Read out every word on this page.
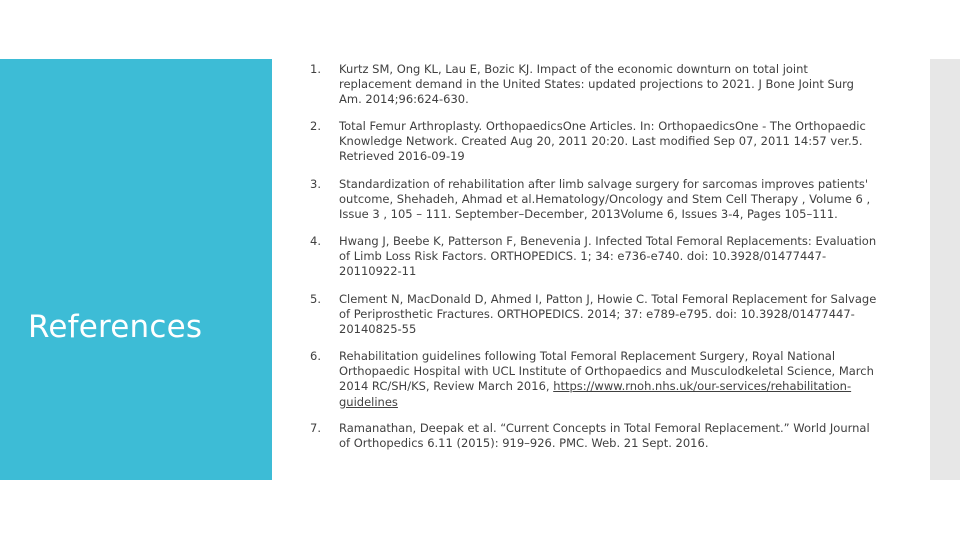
References
1.	Kurtz SM, Ong KL, Lau E, Bozic KJ. Impact of the economic downturn on total joint replacement demand in the United States: updated projections to 2021. J Bone Joint Surg Am. 2014;96:624-630.
2.	Total Femur Arthroplasty. OrthopaedicsOne Articles. In: OrthopaedicsOne - The Orthopaedic Knowledge Network. Created Aug 20, 2011 20:20. Last modified Sep 07, 2011 14:57 ver.5. Retrieved 2016-09-19
3.	Standardization of rehabilitation after limb salvage surgery for sarcomas improves patients' outcome, Shehadeh, Ahmad et al.Hematology/Oncology and Stem Cell Therapy , Volume 6 , Issue 3 , 105 – 111. September–December, 2013Volume 6, Issues 3-4, Pages 105–111.
4.	Hwang J, Beebe K, Patterson F, Benevenia J. Infected Total Femoral Replacements: Evaluation of Limb Loss Risk Factors. ORTHOPEDICS. 1; 34: e736-e740. doi: 10.3928/01477447-20110922-11
5.	Clement N, MacDonald D, Ahmed I, Patton J, Howie C. Total Femoral Replacement for Salvage of Periprosthetic Fractures. ORTHOPEDICS. 2014; 37: e789-e795. doi: 10.3928/01477447-20140825-55
6.	Rehabilitation guidelines following Total Femoral Replacement Surgery, Royal National Orthopaedic Hospital with UCL Institute of Orthopaedics and Musculodkeletal Science, March 2014 RC/SH/KS, Review March 2016, https://www.rnoh.nhs.uk/our-services/rehabilitation-guidelines
7.	Ramanathan, Deepak et al. “Current Concepts in Total Femoral Replacement.” World Journal of Orthopedics 6.11 (2015): 919–926. PMC. Web. 21 Sept. 2016.
